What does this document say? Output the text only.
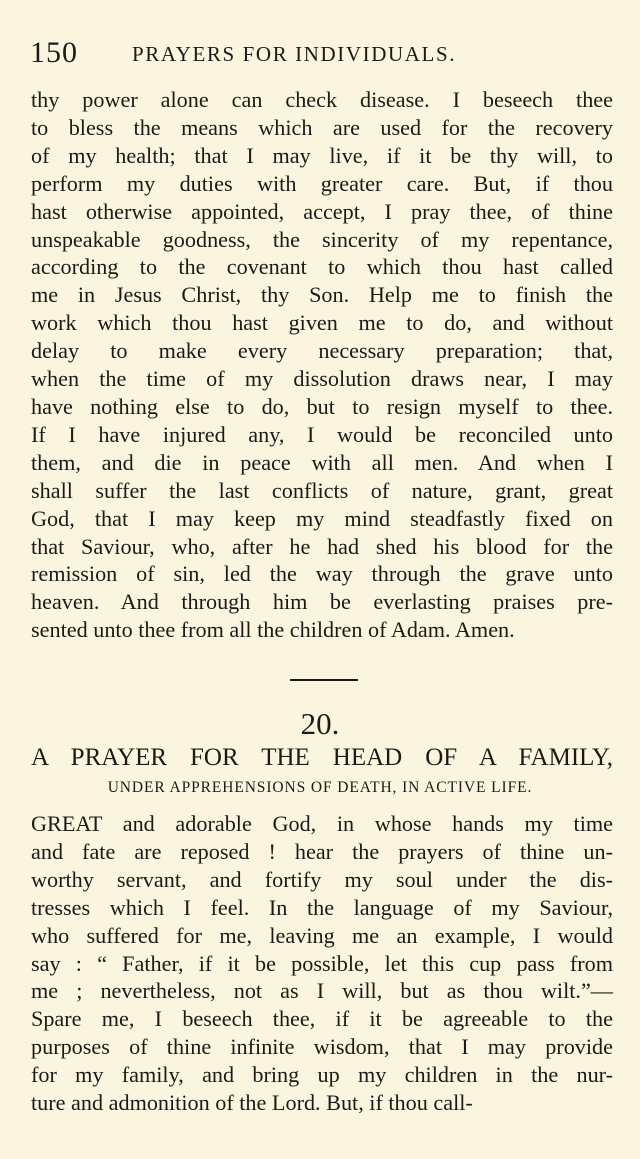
150	PRAYERS FOR INDIVIDUALS.
thy power alone can check disease. I beseech thee
to bless the means which are used for the recovery
of my health; that I may live, if it be thy will, to
perform my duties with greater care. But, if thou
hast otherwise appointed, accept, I pray thee, of thine
unspeakable goodness, the sincerity of my repentance,
according to the covenant to which thou hast called
me in Jesus Christ, thy Son. Help me to finish the
work which thou hast given me to do, and without
delay to make every necessary preparation; that,
when the time of my dissolution draws near, I may
have nothing else to do, but to resign myself to thee.
If I have injured any, I would be reconciled unto
them, and die in peace with all men. And when I
shall suffer the last conflicts of nature, grant, great
God, that I may keep my mind steadfastly fixed on
that Saviour, who, after he had shed his blood for the
remission of sin, led the way through the grave unto
heaven. And through him be everlasting praises pre-
sented unto thee from all the children of Adam. Amen.
20.
A PRAYER FOR THE HEAD OF A FAMILY,
UNDER APPREHENSIONS OF DEATH, IN ACTIVE LIFE.
GREAT and adorable God, in whose hands my time
and fate are reposed ! hear the prayers of thine un-
worthy servant, and fortify my soul under the dis-
tresses which I feel. In the language of my Saviour,
who suffered for me, leaving me an example, I would
say : “ Father, if it be possible, let this cup pass from
me ; nevertheless, not as I will, but as thou wilt.”—
Spare me, I beseech thee, if it be agreeable to the
purposes of thine infinite wisdom, that I may provide
for my family, and bring up my children in the nur-
ture and admonition of the Lord. But, if thou call-
